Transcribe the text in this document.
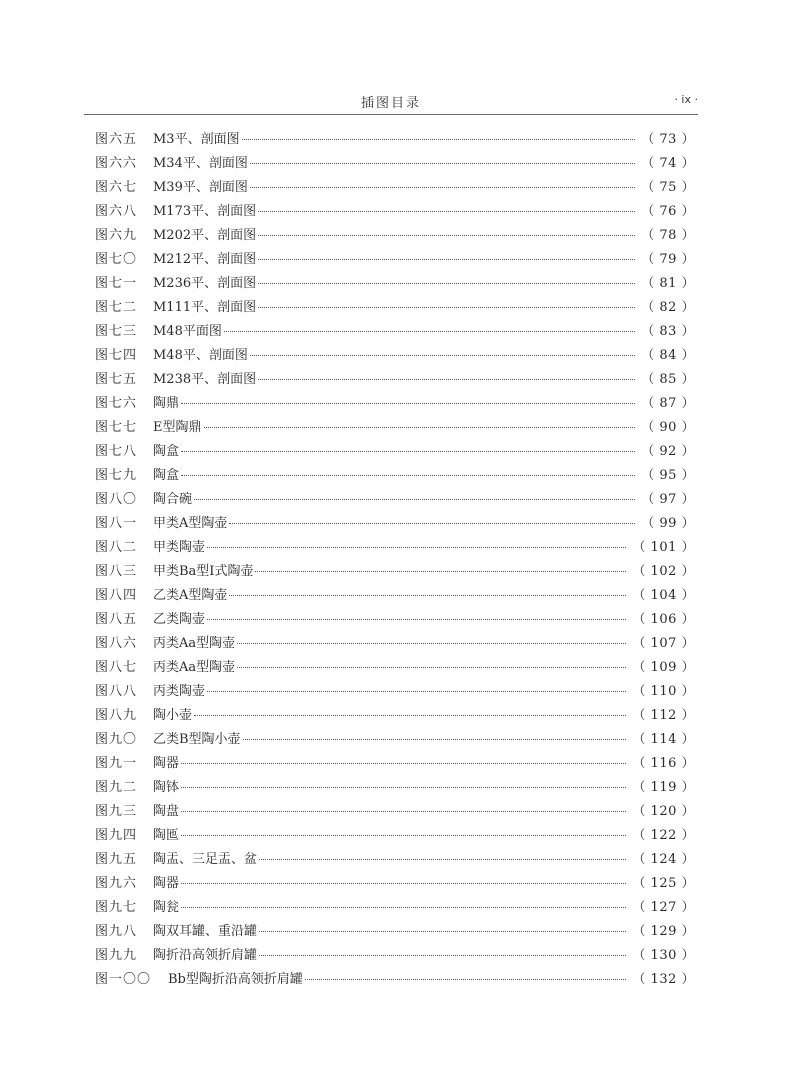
插图目录	· ix ·
图六五	M3平、剖面图	（ 73 ）
图六六	M34平、剖面图	（ 74 ）
图六七	M39平、剖面图	（ 75 ）
图六八	M173平、剖面图	（ 76 ）
图六九	M202平、剖面图	（ 78 ）
图七〇	M212平、剖面图	（ 79 ）
图七一	M236平、剖面图	（ 81 ）
图七二	M111平、剖面图	（ 82 ）
图七三	M48平面图	（ 83 ）
图七四	M48平、剖面图	（ 84 ）
图七五	M238平、剖面图	（ 85 ）
图七六	陶鼎	（ 87 ）
图七七	E型陶鼎	（ 90 ）
图七八	陶盒	（ 92 ）
图七九	陶盒	（ 95 ）
图八〇	陶合碗	（ 97 ）
图八一	甲类A型陶壶	（ 99 ）
图八二	甲类陶壶	（ 101 ）
图八三	甲类Ba型Ⅰ式陶壶	（ 102 ）
图八四	乙类A型陶壶	（ 104 ）
图八五	乙类陶壶	（ 106 ）
图八六	丙类Aa型陶壶	（ 107 ）
图八七	丙类Aa型陶壶	（ 109 ）
图八八	丙类陶壶	（ 110 ）
图八九	陶小壶	（ 112 ）
图九〇	乙类B型陶小壶	（ 114 ）
图九一	陶器	（ 116 ）
图九二	陶钵	（ 119 ）
图九三	陶盘	（ 120 ）
图九四	陶匜	（ 122 ）
图九五	陶盂、三足盂、盆	（ 124 ）
图九六	陶器	（ 125 ）
图九七	陶瓮	（ 127 ）
图九八	陶双耳罐、重沿罐	（ 129 ）
图九九	陶折沿高领折肩罐	（ 130 ）
图一〇〇	Bb型陶折沿高领折肩罐	（ 132 ）
